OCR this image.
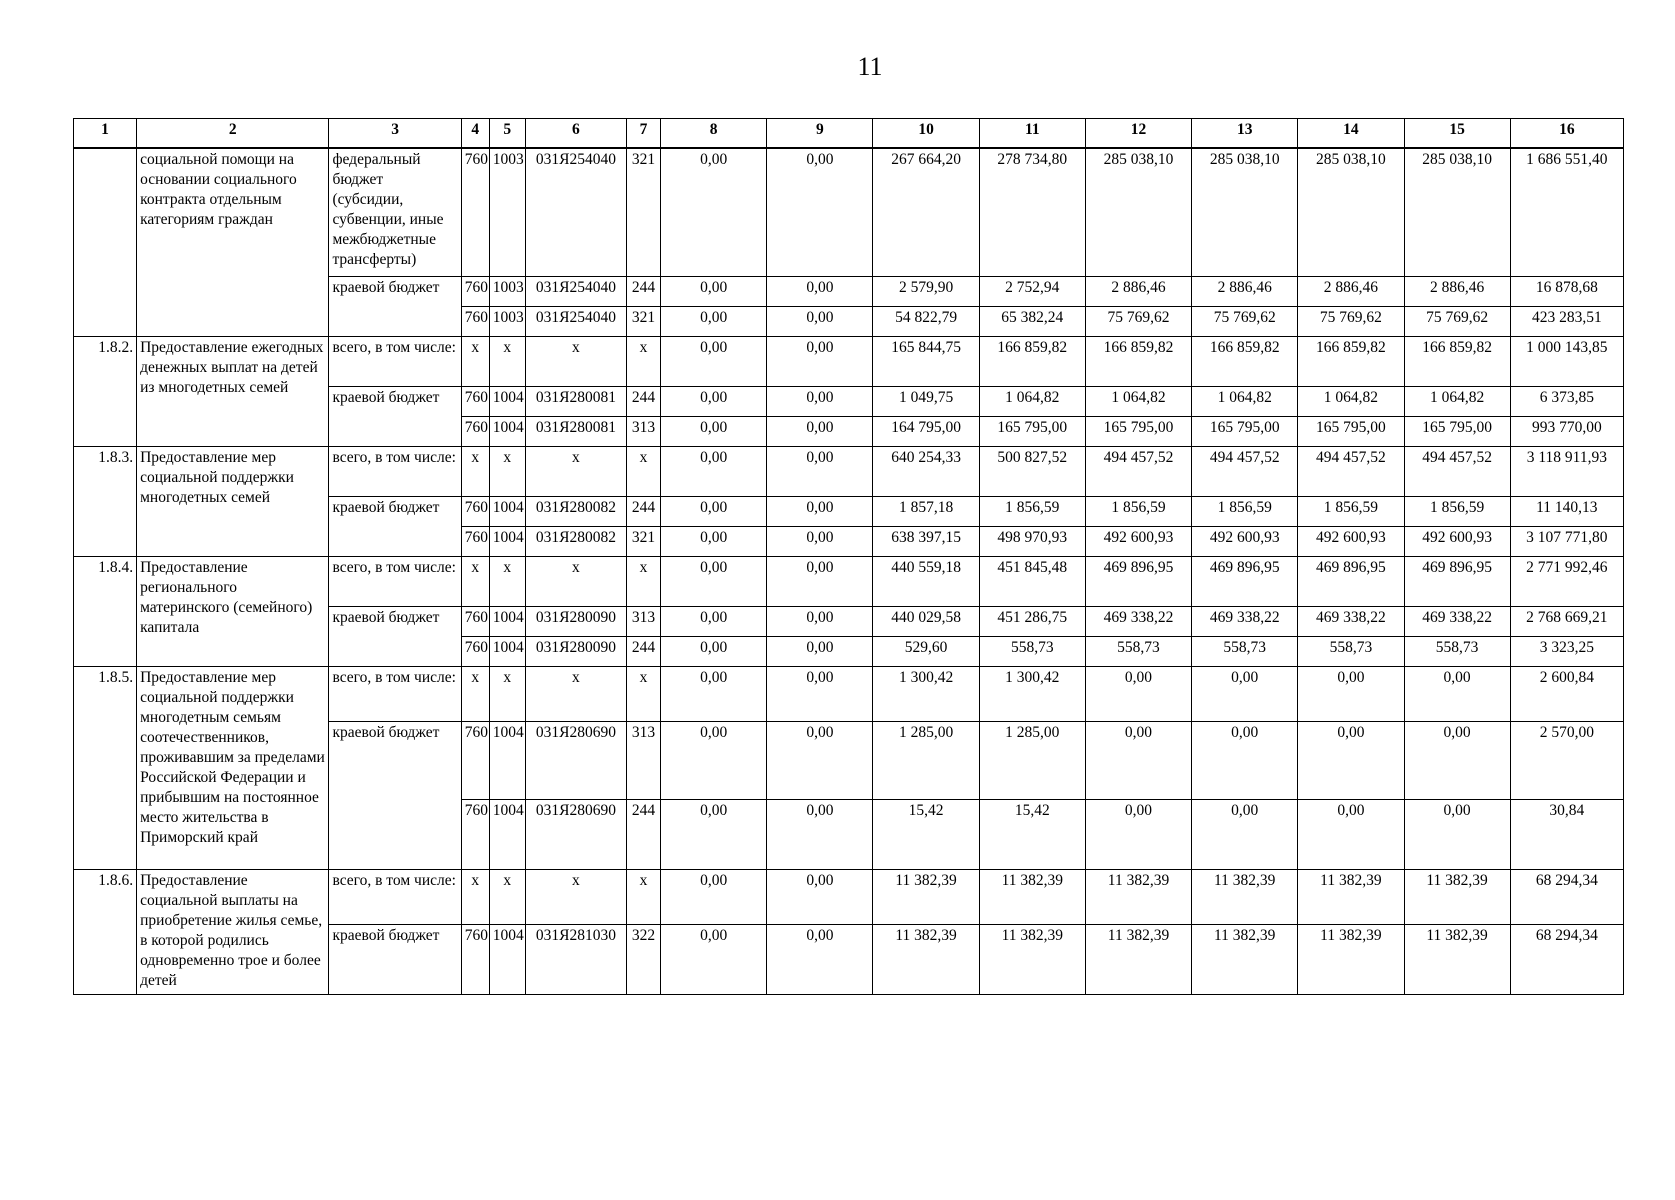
11
1	2	3	4	5	6	7	8	9	10	11	12	13	14	15	16
	социальной помощи на основании социального контракта отдельным категориям граждан	федеральный бюджет (субсидии, субвенции, иные межбюджетные трансферты)	760	1003	031Я254040	321	0,00	0,00	267 664,20	278 734,80	285 038,10	285 038,10	285 038,10	285 038,10	1 686 551,40
		краевой бюджет	760	1003	031Я254040	244	0,00	0,00	2 579,90	2 752,94	2 886,46	2 886,46	2 886,46	2 886,46	16 878,68
			760	1003	031Я254040	321	0,00	0,00	54 822,79	65 382,24	75 769,62	75 769,62	75 769,62	75 769,62	423 283,51
1.8.2.	Предоставление ежегодных денежных выплат на детей из многодетных семей	всего, в том числе:	x	x	x	x	0,00	0,00	165 844,75	166 859,82	166 859,82	166 859,82	166 859,82	166 859,82	1 000 143,85
		краевой бюджет	760	1004	031Я280081	244	0,00	0,00	1 049,75	1 064,82	1 064,82	1 064,82	1 064,82	1 064,82	6 373,85
			760	1004	031Я280081	313	0,00	0,00	164 795,00	165 795,00	165 795,00	165 795,00	165 795,00	165 795,00	993 770,00
1.8.3.	Предоставление мер социальной поддержки многодетных семей	всего, в том числе:	x	x	x	x	0,00	0,00	640 254,33	500 827,52	494 457,52	494 457,52	494 457,52	494 457,52	3 118 911,93
		краевой бюджет	760	1004	031Я280082	244	0,00	0,00	1 857,18	1 856,59	1 856,59	1 856,59	1 856,59	1 856,59	11 140,13
			760	1004	031Я280082	321	0,00	0,00	638 397,15	498 970,93	492 600,93	492 600,93	492 600,93	492 600,93	3 107 771,80
1.8.4.	Предоставление регионального материнского (семейного) капитала	всего, в том числе:	x	x	x	x	0,00	0,00	440 559,18	451 845,48	469 896,95	469 896,95	469 896,95	469 896,95	2 771 992,46
		краевой бюджет	760	1004	031Я280090	313	0,00	0,00	440 029,58	451 286,75	469 338,22	469 338,22	469 338,22	469 338,22	2 768 669,21
			760	1004	031Я280090	244	0,00	0,00	529,60	558,73	558,73	558,73	558,73	558,73	3 323,25
1.8.5.	Предоставление мер социальной поддержки многодетным семьям соотечественников, проживавшим за пределами Российской Федерации и прибывшим на постоянное место жительства в Приморский край	всего, в том числе:	x	x	x	x	0,00	0,00	1 300,42	1 300,42	0,00	0,00	0,00	0,00	2 600,84
		краевой бюджет	760	1004	031Я280690	313	0,00	0,00	1 285,00	1 285,00	0,00	0,00	0,00	0,00	2 570,00
			760	1004	031Я280690	244	0,00	0,00	15,42	15,42	0,00	0,00	0,00	0,00	30,84
1.8.6.	Предоставление социальной выплаты на приобретение жилья семье, в которой родились одновременно трое и более детей	всего, в том числе:	x	x	x	x	0,00	0,00	11 382,39	11 382,39	11 382,39	11 382,39	11 382,39	11 382,39	68 294,34
		краевой бюджет	760	1004	031Я281030	322	0,00	0,00	11 382,39	11 382,39	11 382,39	11 382,39	11 382,39	11 382,39	68 294,34
